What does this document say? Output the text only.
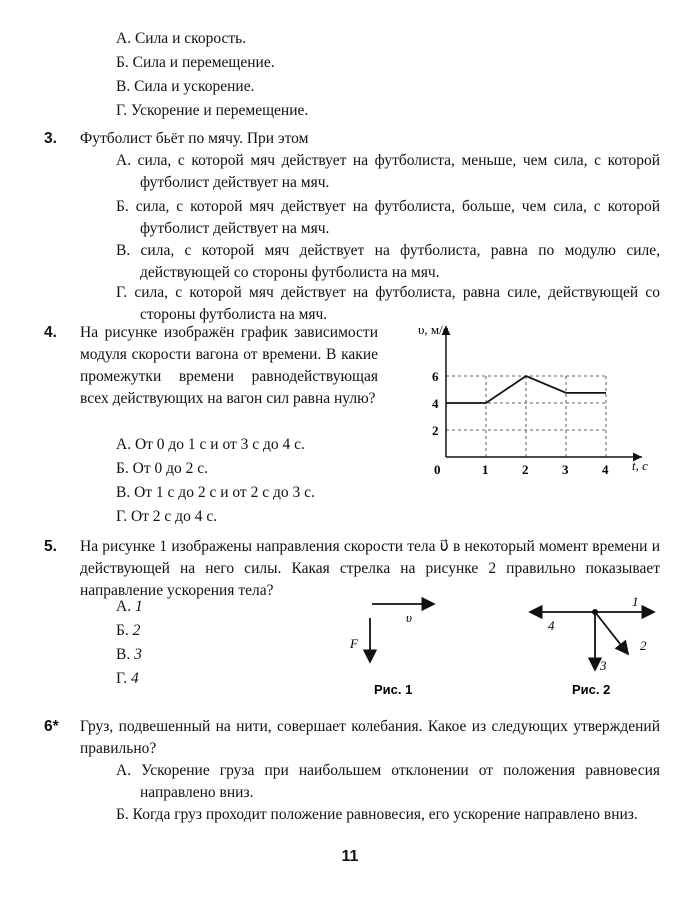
А. Сила и скорость.
Б. Сила и перемещение.
В. Сила и ускорение.
Г. Ускорение и перемещение.
3. Футболист бьёт по мячу. При этом
А. сила, с которой мяч действует на футболиста, меньше, чем сила, с которой футболист действует на мяч.
Б. сила, с которой мяч действует на футболиста, больше, чем сила, с которой футболист действует на мяч.
В. сила, с которой мяч действует на футболиста, равна по модулю силе, действующей со стороны футболиста на мяч.
Г. сила, с которой мяч действует на футболиста, равна силе, действующей со стороны футболиста на мяч.
4. На рисунке изображён график зависимости модуля скорости вагона от времени. В какие промежутки времени равнодействующая всех действующих на вагон сил равна нулю?
А. От 0 до 1 с и от 3 с до 4 с.
Б. От 0 до 2 с.
В. От 1 с до 2 с и от 2 с до 3 с.
Г. От 2 с до 4 с.
0	1	2	3	4
2
4
6
υ, м/с
t, с
5. На рисунке 1 изображены направления скорости тела υ⃗ в некоторый момент времени и действующей на него силы. Какая стрелка на рисунке 2 правильно показывает направление ускорения тела?
А. 1
Б. 2
В. 3
Г. 4
υ⃗
F⃗
Рис. 1
1
2
3
4
Рис. 2
6* Груз, подвешенный на нити, совершает колебания. Какое из следующих утверждений правильно?
А. Ускорение груза при наибольшем отклонении от положения равновесия направлено вниз.
Б. Когда груз проходит положение равновесия, его ускорение направлено вниз.
11
